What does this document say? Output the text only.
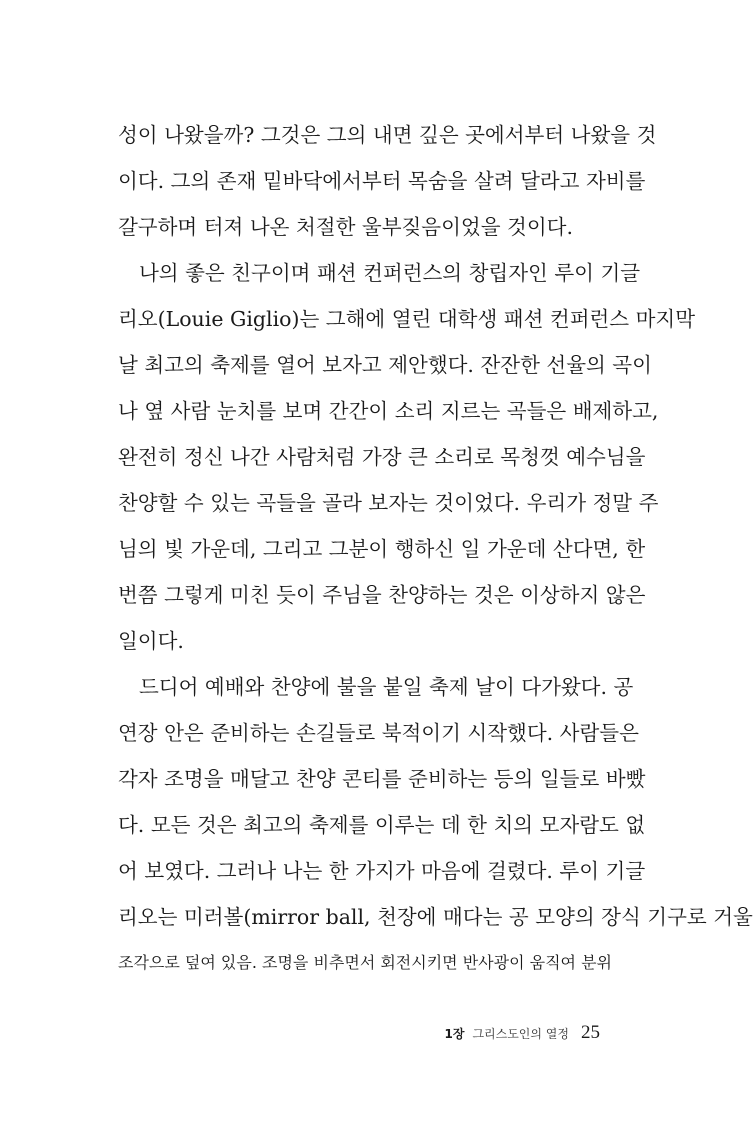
성이 나왔을까? 그것은 그의 내면 깊은 곳에서부터 나왔을 것
이다. 그의 존재 밑바닥에서부터 목숨을 살려 달라고 자비를
갈구하며 터져 나온 처절한 울부짖음이었을 것이다.
나의 좋은 친구이며 패션 컨퍼런스의 창립자인 루이 기글
리오(Louie Giglio)는 그해에 열린 대학생 패션 컨퍼런스 마지막
날 최고의 축제를 열어 보자고 제안했다. 잔잔한 선율의 곡이
나 옆 사람 눈치를 보며 간간이 소리 지르는 곡들은 배제하고,
완전히 정신 나간 사람처럼 가장 큰 소리로 목청껏 예수님을
찬양할 수 있는 곡들을 골라 보자는 것이었다. 우리가 정말 주
님의 빛 가운데, 그리고 그분이 행하신 일 가운데 산다면, 한
번쯤 그렇게 미친 듯이 주님을 찬양하는 것은 이상하지 않은
일이다.
드디어 예배와 찬양에 불을 붙일 축제 날이 다가왔다. 공
연장 안은 준비하는 손길들로 북적이기 시작했다. 사람들은
각자 조명을 매달고 찬양 콘티를 준비하는 등의 일들로 바빴
다. 모든 것은 최고의 축제를 이루는 데 한 치의 모자람도 없
어 보였다. 그러나 나는 한 가지가 마음에 걸렸다. 루이 기글
리오는 미러볼(mirror ball, 천장에 매다는 공 모양의 장식 기구로 거울
조각으로 덮여 있음. 조명을 비추면서 회전시키면 반사광이 움직여 분위
1장 그리스도인의 열정 25
